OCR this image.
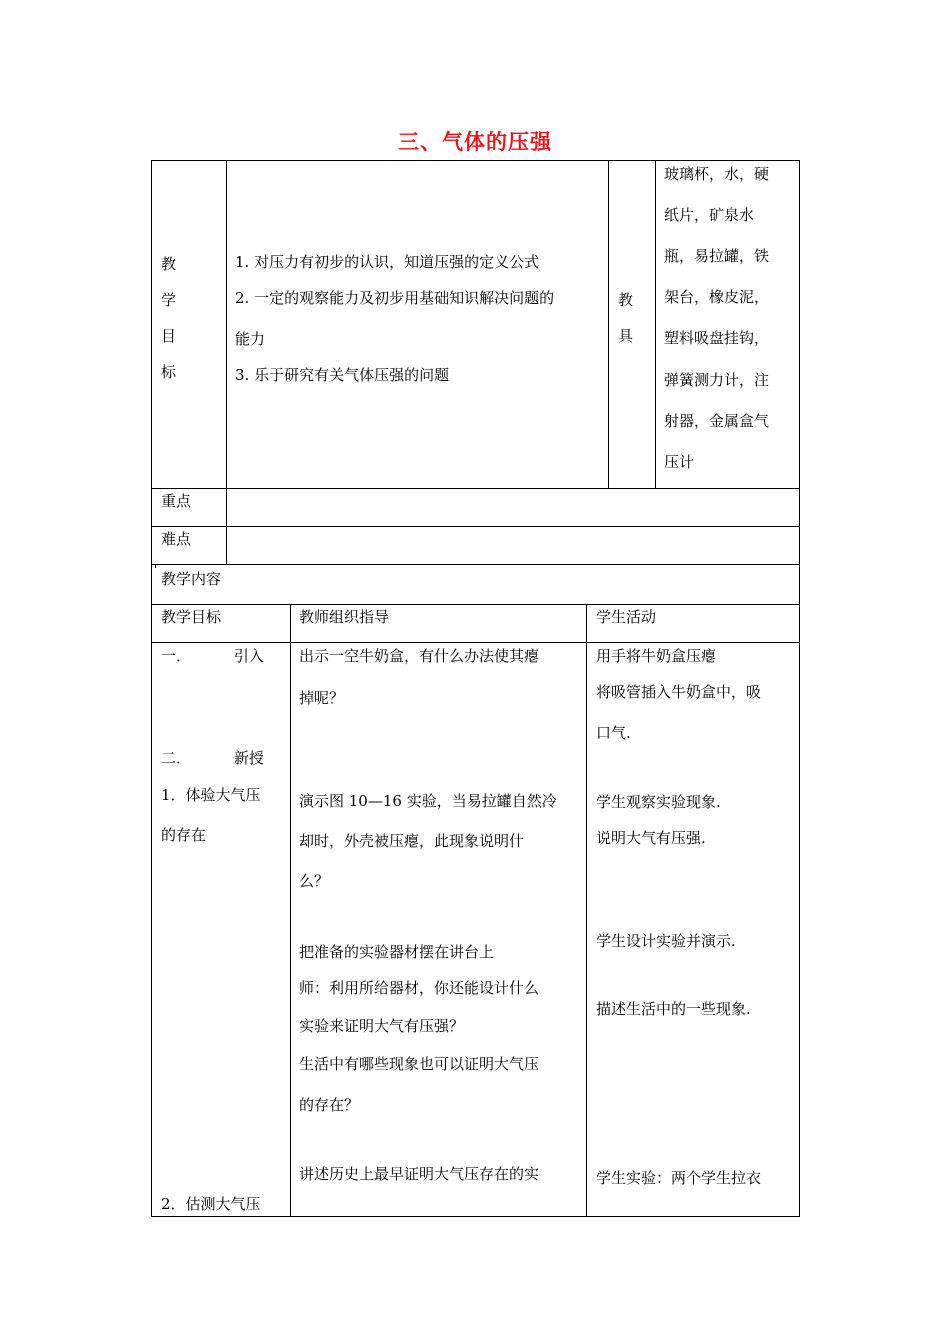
三、气体的压强
教
学
目
标
1. 对压力有初步的认识，知道压强的定义公式
2. 一定的观察能力及初步用基础知识解决问题的
能力
3. 乐于研究有关气体压强的问题
教
具
玻璃杯，水，硬
纸片，矿泉水
瓶，易拉罐，铁
架台，橡皮泥，
塑料吸盘挂钩，
弹簧测力计，注
射器，金属盒气
压计
重点
难点
教学内容
教学目标	教师组织指导	学生活动
一．         引入
二．         新授
1．体验大气压
的存在
2．估测大气压
出示一空牛奶盒，有什么办法使其瘪
掉呢？
演示图 10—16 实验，当易拉罐自然冷
却时，外壳被压瘪，此现象说明什
么？
把准备的实验器材摆在讲台上
师：利用所给器材，你还能设计什么
实验来证明大气有压强？
生活中有哪些现象也可以证明大气压
的存在？
讲述历史上最早证明大气压存在的实
用手将牛奶盒压瘪
将吸管插入牛奶盒中，吸
口气.
学生观察实验现象.
说明大气有压强.
学生设计实验并演示.
描述生活中的一些现象.
学生实验：两个学生拉衣
